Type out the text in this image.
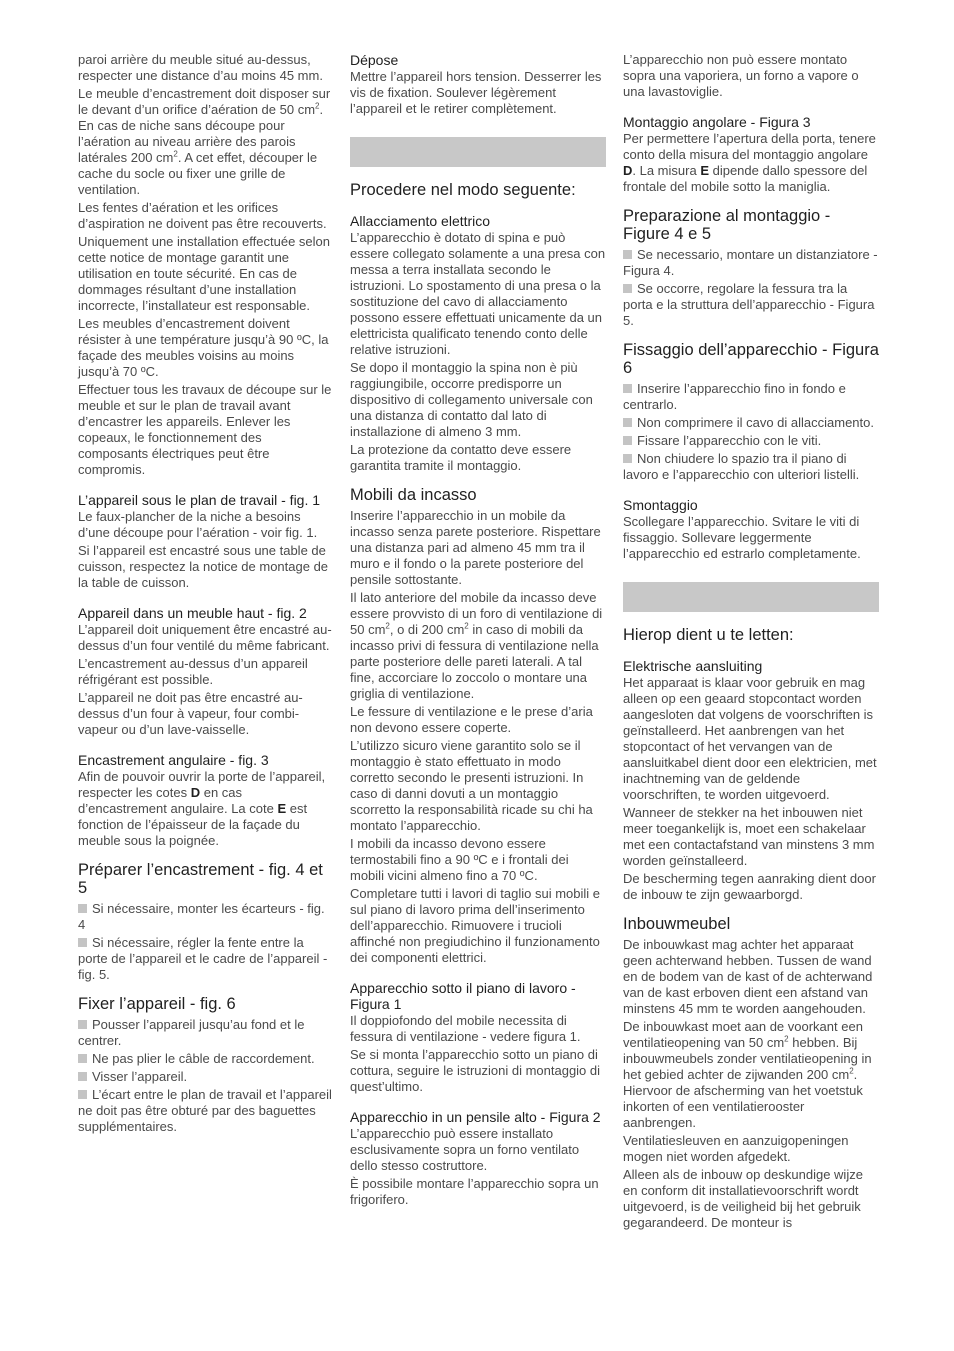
paroi arrière du meuble situé au-dessus, respecter une distance d’au moins 45 mm.

Le meuble d’encastrement doit disposer sur le devant d’un orifice d’aération de 50 $cm^2$. En cas de niche sans découpe pour l’aération au niveau arrière des parois latérales 200 $cm^2$. A cet effet, découper le cache du socle ou fixer une grille de ventilation.

Les fentes d’aération et les orifices d’aspiration ne doivent pas être recouverts.

Uniquement une installation effectuée selon cette notice de montage garantit une utilisation en toute sécurité. En cas de dommages résultant d’une installation incorrecte, l’installateur est responsable.

Les meubles d’encastrement doivent résister à une température jusqu’à 90 ºC, la façade des meubles voisins au moins jusqu’à 70 ºC.

Effectuer tous les travaux de découpe sur le meuble et sur le plan de travail avant d’encastrer les appareils. Enlever les copeaux, le fonctionnement des composants électriques peut être compromis.

L’appareil sous le plan de travail - fig. 1

Le faux-plancher de la niche a besoins d’une découpe pour l’aération - voir fig. 1.

Si l’appareil est encastré sous une table de cuisson, respectez la notice de montage de la table de cuisson.

Appareil dans un meuble haut - fig. 2

L’appareil doit uniquement être encastré au-dessus d’un four ventilé du même fabricant.

L’encastrement au-dessus d’un appareil réfrigérant est possible.

L’appareil ne doit pas être encastré au-dessus d’un four à vapeur, four combi-vapeur ou d’un lave-vaisselle.

Encastrement angulaire - fig. 3

Afin de pouvoir ouvrir la porte de l’appareil, respecter les cotes D en cas d’encastrement angulaire. La cote E est fonction de l’épaisseur de la façade du meuble sous la poignée.

Préparer l’encastrement - fig. 4 et 5

Si nécessaire, monter les écarteurs - fig. 4

Si nécessaire, régler la fente entre la porte de l’appareil et le cadre de l’appareil - fig. 5.

Fixer l’appareil - fig. 6

Pousser l’appareil jusqu’au fond et le centrer.

Ne pas plier le câble de raccordement.

Visser l’appareil.

L’écart entre le plan de travail et l’appareil ne doit pas être obturé par des baguettes supplémentaires.

Dépose

Mettre l’appareil hors tension. Desserrer les vis de fixation. Soulever légèrement l’appareil et le retirer complètement.

Procedere nel modo seguente:
Allacciamento elettrico

L’apparecchio è dotato di spina e può essere collegato solamente a una presa con messa a terra installata secondo le istruzioni. Lo spostamento di una presa o la sostituzione del cavo di allacciamento possono essere effettuati unicamente da un elettricista qualificato tenendo conto delle relative istruzioni.

Se dopo il montaggio la spina non è più raggiungibile, occorre predisporre un dispositivo di collegamento universale con una distanza di contatto dal lato di installazione di almeno 3 mm.

La protezione da contatto deve essere garantita tramite il montaggio.

Mobili da incasso

Inserire l’apparecchio in un mobile da incasso senza parete posteriore. Rispettare una distanza pari ad almeno 45 mm tra il muro e il fondo o la parete posteriore del pensile sottostante.

Il lato anteriore del mobile da incasso deve essere provvisto di un foro di ventilazione di 50 $cm^2$, o di 200 $cm^2$ in caso di mobili da incasso privi di fessura di ventilazione nella parte posteriore delle pareti laterali. A tal fine, accorciare lo zoccolo o montare una griglia di ventilazione.

Le fessure di ventilazione e le prese d’aria non devono essere coperte.

L’utilizzo sicuro viene garantito solo se il montaggio è stato effettuato in modo corretto secondo le presenti istruzioni. In caso di danni dovuti a un montaggio scorretto la responsabilità ricade su chi ha montato l’apparecchio.

I mobili da incasso devono essere termostabili fino a 90 ºC e i frontali dei mobili vicini almeno fino a 70 ºC.

Completare tutti i lavori di taglio sui mobili e sul piano di lavoro prima dell’inserimento dell’apparecchio. Rimuovere i trucioli affinché non pregiudichino il funzionamento dei componenti elettrici.

Apparecchio sotto il piano di lavoro - Figura 1

Il doppiofondo del mobile necessita di fessura di ventilazione - vedere figura 1.

Se si monta l’apparecchio sotto un piano di cottura, seguire le istruzioni di montaggio di quest’ultimo.

Apparecchio in un pensile alto - Figura 2

L’apparecchio può essere installato esclusivamente sopra un forno ventilato dello stesso costruttore.

È possibile montare l’apparecchio sopra un frigorifero.

L’apparecchio non può essere montato sopra una vaporiera, un forno a vapore o una lavastoviglie.

Montaggio angolare - Figura 3

Per permettere l’apertura della porta, tenere conto della misura del montaggio angolare D. La misura E dipende dallo spessore del frontale del mobile sotto la maniglia.

Preparazione al montaggio - Figure 4 e 5

Se necessario, montare un distanziatore - Figura 4.

Se occorre, regolare la fessura tra la porta e la struttura dell’apparecchio - Figura 5.

Fissaggio dell’apparecchio - Figura 6

Inserire l’apparecchio fino in fondo e centrarlo.

Non comprimere il cavo di allacciamento.

Fissare l’apparecchio con le viti.

Non chiudere lo spazio tra il piano di lavoro e l’apparecchio con ulteriori listelli.

Smontaggio

Scollegare l’apparecchio. Svitare le viti di fissaggio. Sollevare leggermente l’apparecchio ed estrarlo completamente.

Hierop dient u te letten:
Elektrische aansluiting

Het apparaat is klaar voor gebruik en mag alleen op een geaard stopcontact worden aangesloten dat volgens de voorschriften is geïnstalleerd. Het aanbrengen van het stopcontact of het vervangen van de aansluitkabel dient door een elektricien, met inachtneming van de geldende voorschriften, te worden uitgevoerd.

Wanneer de stekker na het inbouwen niet meer toegankelijk is, moet een schakelaar met een contactafstand van minstens 3 mm worden geïnstalleerd.

De bescherming tegen aanraking dient door de inbouw te zijn gewaarborgd.

Inbouwmeubel

De inbouwkast mag achter het apparaat geen achterwand hebben. Tussen de wand en de bodem van de kast of de achterwand van de kast erboven dient een afstand van minstens 45 mm te worden aangehouden.

De inbouwkast moet aan de voorkant een ventilatieopening van 50 $cm^2$ hebben. Bij inbouwmeubels zonder ventilatieopening in het gebied achter de zijwanden 200 $cm^2$. Hiervoor de afscherming van het voetstuk inkorten of een ventilatierooster aanbrengen.

Ventilatiesleuven en aanzuigopeningen mogen niet worden afgedekt.

Alleen als de inbouw op deskundige wijze en conform dit installatievoorschrift wordt uitgevoerd, is de veiligheid bij het gebruik gegarandeerd. De monteur is
